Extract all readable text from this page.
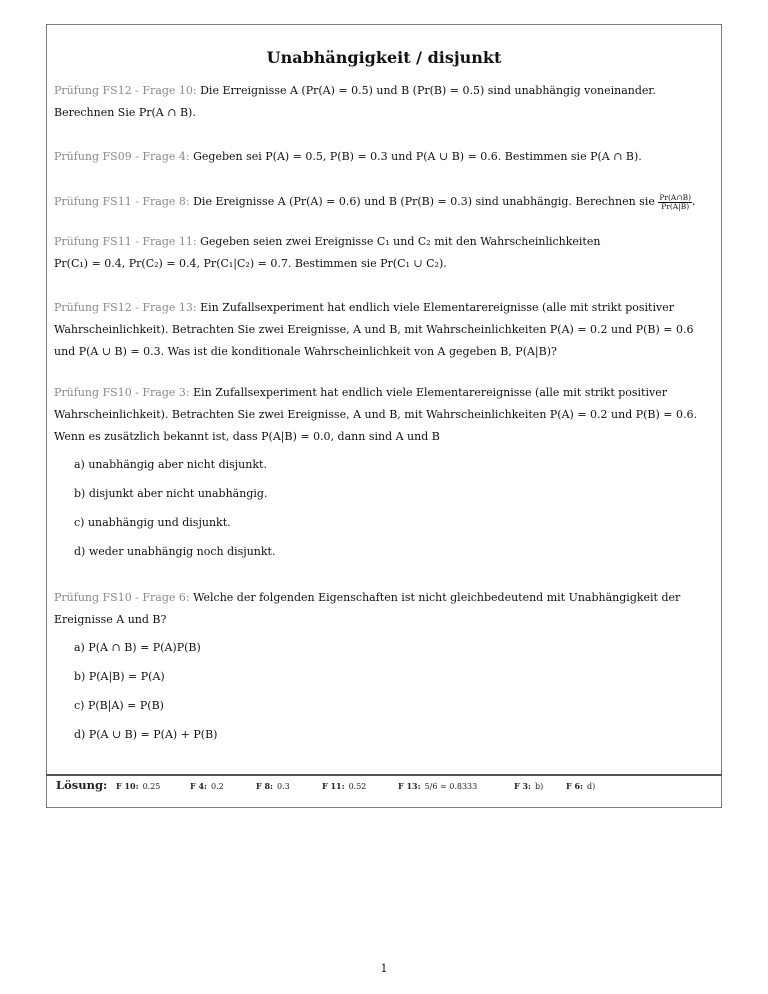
Unabhängigkeit / disjunkt
Prüfung FS12 - Frage 10: Die Erreignisse A (Pr(A) = 0.5) und B (Pr(B) = 0.5) sind unabhängig voneinander.
Berechnen Sie Pr(A ∩ B).
Prüfung FS09 - Frage 4: Gegeben sei P(A) = 0.5, P(B) = 0.3 und P(A ∪ B) = 0.6. Bestimmen sie P(A ∩ B).
Prüfung FS11 - Frage 8: Die Ereignisse A (Pr(A) = 0.6) und B (Pr(B) = 0.3) sind unabhängig. Berechnen sie $\frac{Pr(A\cap B)}{Pr(A|B)}$ .
Prüfung FS11 - Frage 11: Gegeben seien zwei Ereignisse C₁ und C₂ mit den Wahrscheinlichkeiten
Pr(C₁) = 0.4, Pr(C₂) = 0.4, Pr(C₁|C₂) = 0.7. Bestimmen sie Pr(C₁ ∪ C₂).
Prüfung FS12 - Frage 13: Ein Zufallsexperiment hat endlich viele Elementarereignisse (alle mit strikt positiver
Wahrscheinlichkeit). Betrachten Sie zwei Ereignisse, A und B, mit Wahrscheinlichkeiten P(A) = 0.2 und P(B) = 0.6
und P(A ∪ B) = 0.3. Was ist die konditionale Wahrscheinlichkeit von A gegeben B, P(A|B)?
Prüfung FS10 - Frage 3: Ein Zufallsexperiment hat endlich viele Elementarereignisse (alle mit strikt positiver
Wahrscheinlichkeit). Betrachten Sie zwei Ereignisse, A und B, mit Wahrscheinlichkeiten P(A) = 0.2 und P(B) = 0.6.
Wenn es zusätzlich bekannt ist, dass P(A|B) = 0.0, dann sind A und B
a) unabhängig aber nicht disjunkt.
b) disjunkt aber nicht unabhängig.
c) unabhängig und disjunkt.
d) weder unabhängig noch disjunkt.
Prüfung FS10 - Frage 6: Welche der folgenden Eigenschaften ist nicht gleichbedeutend mit Unabhängigkeit der
Ereignisse A und B?
a) P(A ∩ B) = P(A)P(B)
b) P(A|B) = P(A)
c) P(B|A) = P(B)
d) P(A ∪ B) = P(A) + P(B)
Lösung: F 10: 0.25	F 4: 0.2	F 8: 0.3	F 11: 0.52	F 13: 5/6 ≈ 0.8333	F 3: b)	F 6: d)
1
